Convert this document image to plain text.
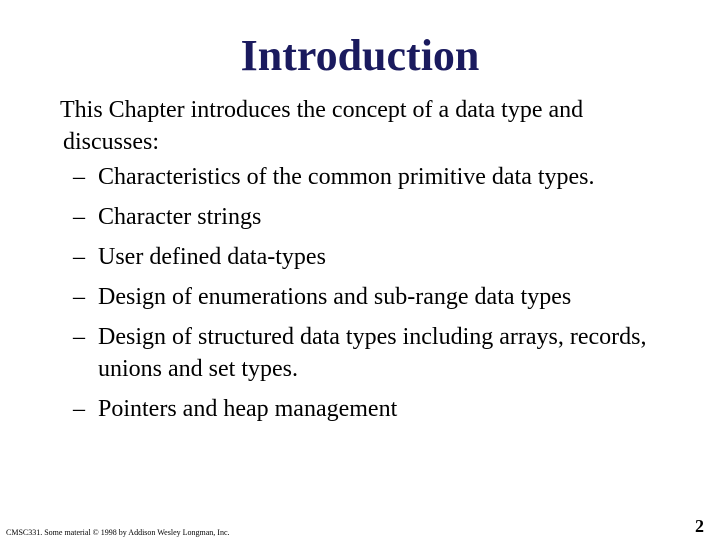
Introduction

This Chapter introduces the concept of a data type and discusses:

– Characteristics of the common primitive data types.
– Character strings
– User defined data-types
– Design of enumerations and sub-range data types
– Design of structured data types including arrays, records, unions and set types.
– Pointers and heap management
CMSC331. Some material © 1998 by Addison Wesley Longman, Inc.	2
